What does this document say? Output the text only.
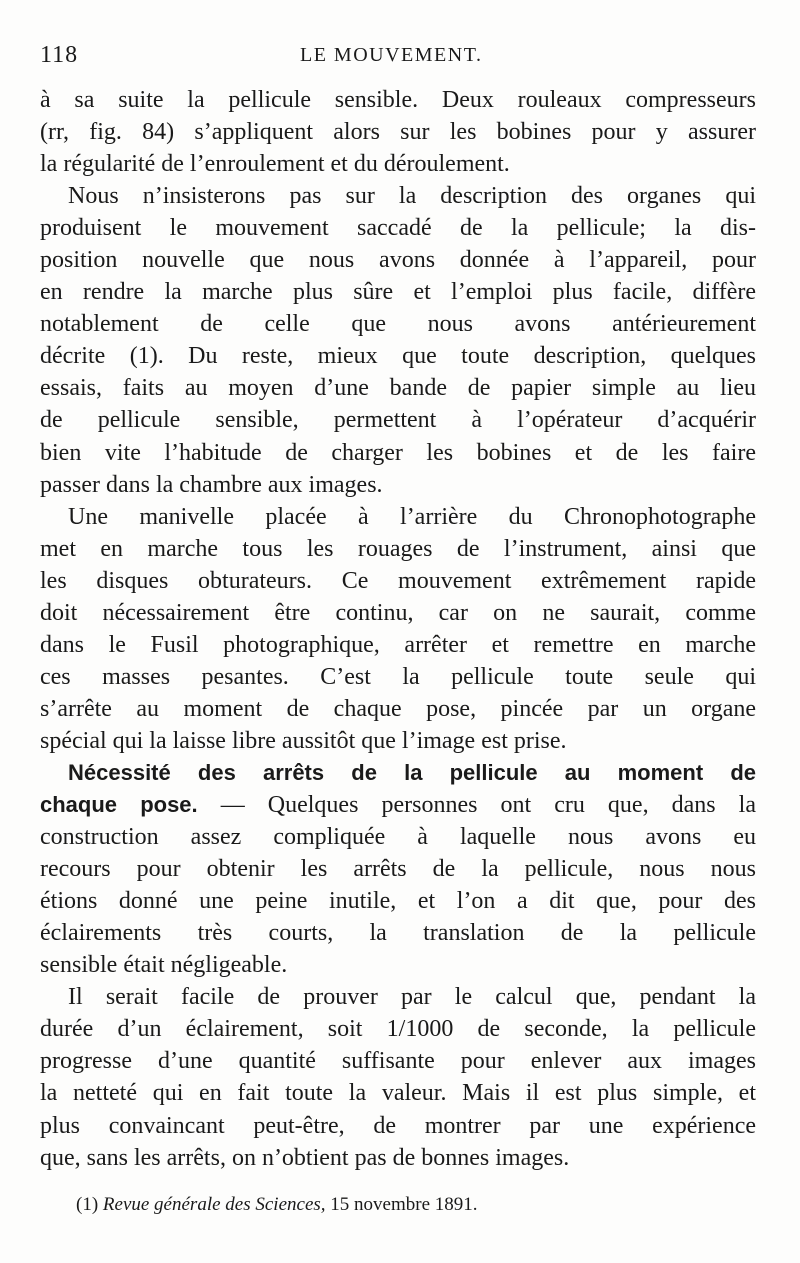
118	LE MOUVEMENT.
à sa suite la pellicule sensible. Deux rouleaux compresseurs
(rr, fig. 84) s’appliquent alors sur les bobines pour y assurer
la régularité de l’enroulement et du déroulement.
Nous n’insisterons pas sur la description des organes qui
produisent le mouvement saccadé de la pellicule; la dis-
position nouvelle que nous avons donnée à l’appareil, pour
en rendre la marche plus sûre et l’emploi plus facile, diffère
notablement de celle que nous avons antérieurement
décrite (1). Du reste, mieux que toute description, quelques
essais, faits au moyen d’une bande de papier simple au lieu
de pellicule sensible, permettent à l’opérateur d’acquérir
bien vite l’habitude de charger les bobines et de les faire
passer dans la chambre aux images.
Une manivelle placée à l’arrière du Chronophotographe
met en marche tous les rouages de l’instrument, ainsi que
les disques obturateurs. Ce mouvement extrêmement rapide
doit nécessairement être continu, car on ne saurait, comme
dans le Fusil photographique, arrêter et remettre en marche
ces masses pesantes. C’est la pellicule toute seule qui
s’arrête au moment de chaque pose, pincée par un organe
spécial qui la laisse libre aussitôt que l’image est prise.
Nécessité des arrêts de la pellicule au moment de
chaque pose. — Quelques personnes ont cru que, dans la
construction assez compliquée à laquelle nous avons eu
recours pour obtenir les arrêts de la pellicule, nous nous
étions donné une peine inutile, et l’on a dit que, pour des
éclairements très courts, la translation de la pellicule
sensible était négligeable.
Il serait facile de prouver par le calcul que, pendant la
durée d’un éclairement, soit 1/1000 de seconde, la pellicule
progresse d’une quantité suffisante pour enlever aux images
la netteté qui en fait toute la valeur. Mais il est plus simple, et
plus convaincant peut-être, de montrer par une expérience
que, sans les arrêts, on n’obtient pas de bonnes images.
(1) Revue générale des Sciences, 15 novembre 1891.
